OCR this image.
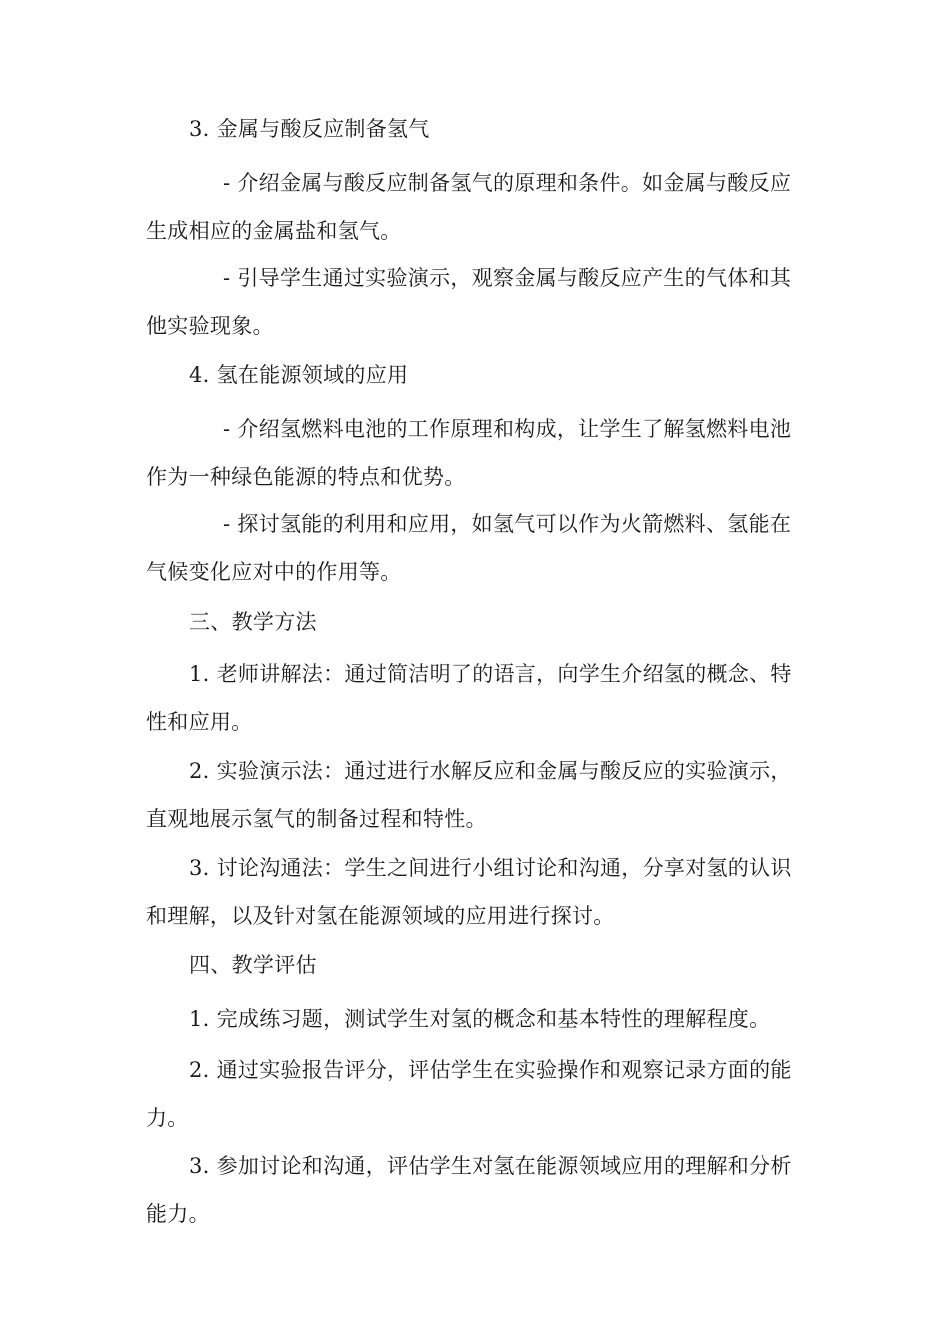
3. 金属与酸反应制备氢气

- 介绍金属与酸反应制备氢气的原理和条件。如金属与酸反应生成相应的金属盐和氢气。

- 引导学生通过实验演示，观察金属与酸反应产生的气体和其他实验现象。

4. 氢在能源领域的应用

- 介绍氢燃料电池的工作原理和构成，让学生了解氢燃料电池作为一种绿色能源的特点和优势。

- 探讨氢能的利用和应用，如氢气可以作为火箭燃料、氢能在气候变化应对中的作用等。

三、教学方法

1. 老师讲解法：通过简洁明了的语言，向学生介绍氢的概念、特性和应用。

2. 实验演示法：通过进行水解反应和金属与酸反应的实验演示，直观地展示氢气的制备过程和特性。

3. 讨论沟通法：学生之间进行小组讨论和沟通，分享对氢的认识和理解，以及针对氢在能源领域的应用进行探讨。

四、教学评估

1. 完成练习题，测试学生对氢的概念和基本特性的理解程度。

2. 通过实验报告评分，评估学生在实验操作和观察记录方面的能力。

3. 参加讨论和沟通，评估学生对氢在能源领域应用的理解和分析能力。
